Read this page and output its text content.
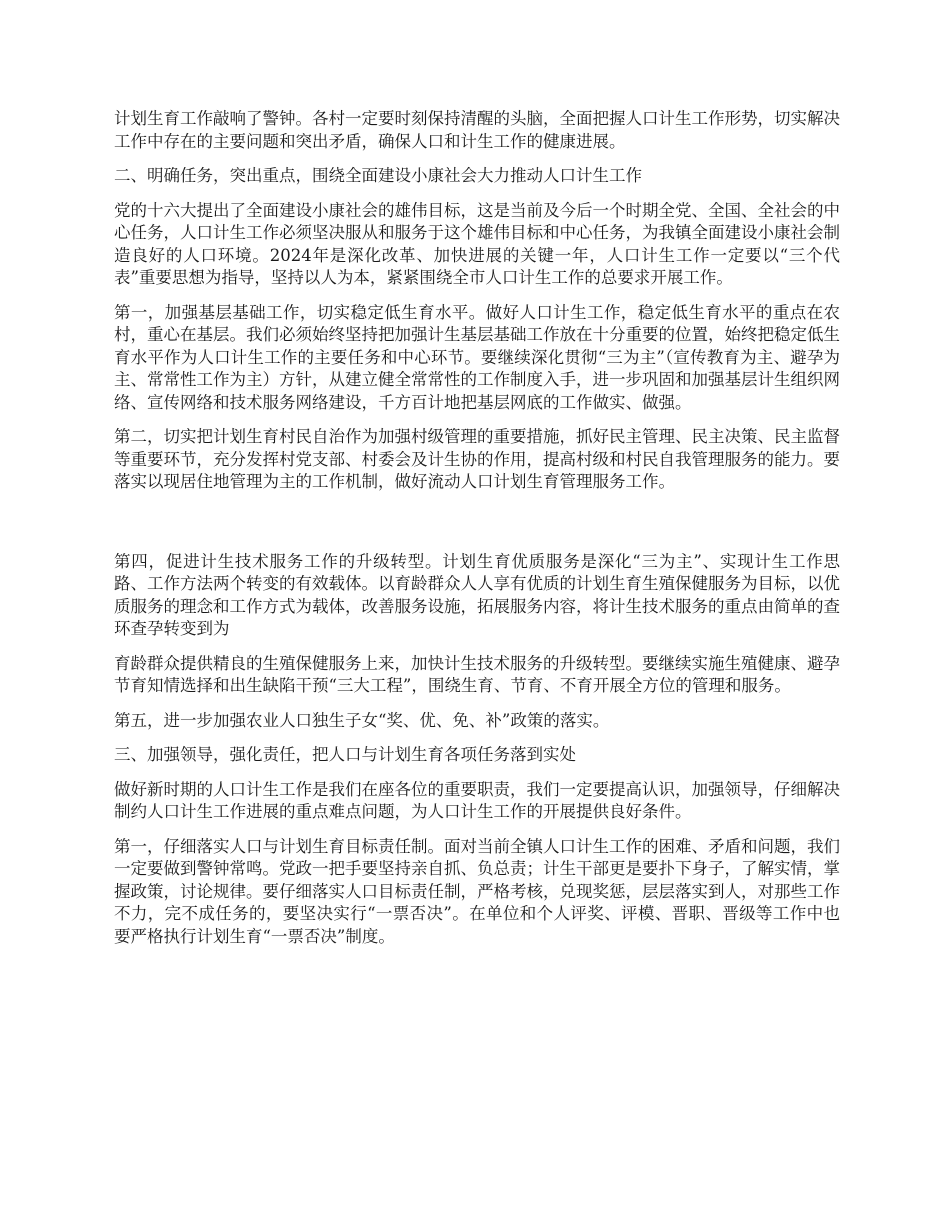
计划生育工作敲响了警钟。各村一定要时刻保持清醒的头脑，全面把握人口计生工作形势，切实解决工作中存在的主要问题和突出矛盾，确保人口和计生工作的健康进展。

二、明确任务，突出重点，围绕全面建设小康社会大力推动人口计生工作

党的十六大提出了全面建设小康社会的雄伟目标，这是当前及今后一个时期全党、全国、全社会的中心任务，人口计生工作必须坚决服从和服务于这个雄伟目标和中心任务，为我镇全面建设小康社会制造良好的人口环境。2024年是深化改革、加快进展的关键一年，人口计生工作一定要以“三个代表”重要思想为指导，坚持以人为本，紧紧围绕全市人口计生工作的总要求开展工作。

第一，加强基层基础工作，切实稳定低生育水平。做好人口计生工作，稳定低生育水平的重点在农村，重心在基层。我们必须始终坚持把加强计生基层基础工作放在十分重要的位置，始终把稳定低生育水平作为人口计生工作的主要任务和中心环节。要继续深化贯彻“三为主”（宣传教育为主、避孕为主、常常性工作为主）方针，从建立健全常常性的工作制度入手，进一步巩固和加强基层计生组织网络、宣传网络和技术服务网络建设，千方百计地把基层网底的工作做实、做强。

第二，切实把计划生育村民自治作为加强村级管理的重要措施，抓好民主管理、民主决策、民主监督等重要环节，充分发挥村党支部、村委会及计生协的作用，提高村级和村民自我管理服务的能力。要落实以现居住地管理为主的工作机制，做好流动人口计划生育管理服务工作。

第四，促进计生技术服务工作的升级转型。计划生育优质服务是深化“三为主”、实现计生工作思路、工作方法两个转变的有效载体。以育龄群众人人享有优质的计划生育生殖保健服务为目标，以优质服务的理念和工作方式为载体，改善服务设施，拓展服务内容，将计生技术服务的重点由简单的查环查孕转变到为

育龄群众提供精良的生殖保健服务上来，加快计生技术服务的升级转型。要继续实施生殖健康、避孕节育知情选择和出生缺陷干预“三大工程”，围绕生育、节育、不育开展全方位的管理和服务。

第五，进一步加强农业人口独生子女“奖、优、免、补”政策的落实。

三、加强领导，强化责任，把人口与计划生育各项任务落到实处

做好新时期的人口计生工作是我们在座各位的重要职责，我们一定要提高认识，加强领导，仔细解决制约人口计生工作进展的重点难点问题，为人口计生工作的开展提供良好条件。

第一，仔细落实人口与计划生育目标责任制。面对当前全镇人口计生工作的困难、矛盾和问题，我们一定要做到警钟常鸣。党政一把手要坚持亲自抓、负总责；计生干部更是要扑下身子，了解实情，掌握政策，讨论规律。要仔细落实人口目标责任制，严格考核，兑现奖惩，层层落实到人，对那些工作不力，完不成任务的，要坚决实行“一票否决”。在单位和个人评奖、评模、晋职、晋级等工作中也要严格执行计划生育“一票否决”制度。
